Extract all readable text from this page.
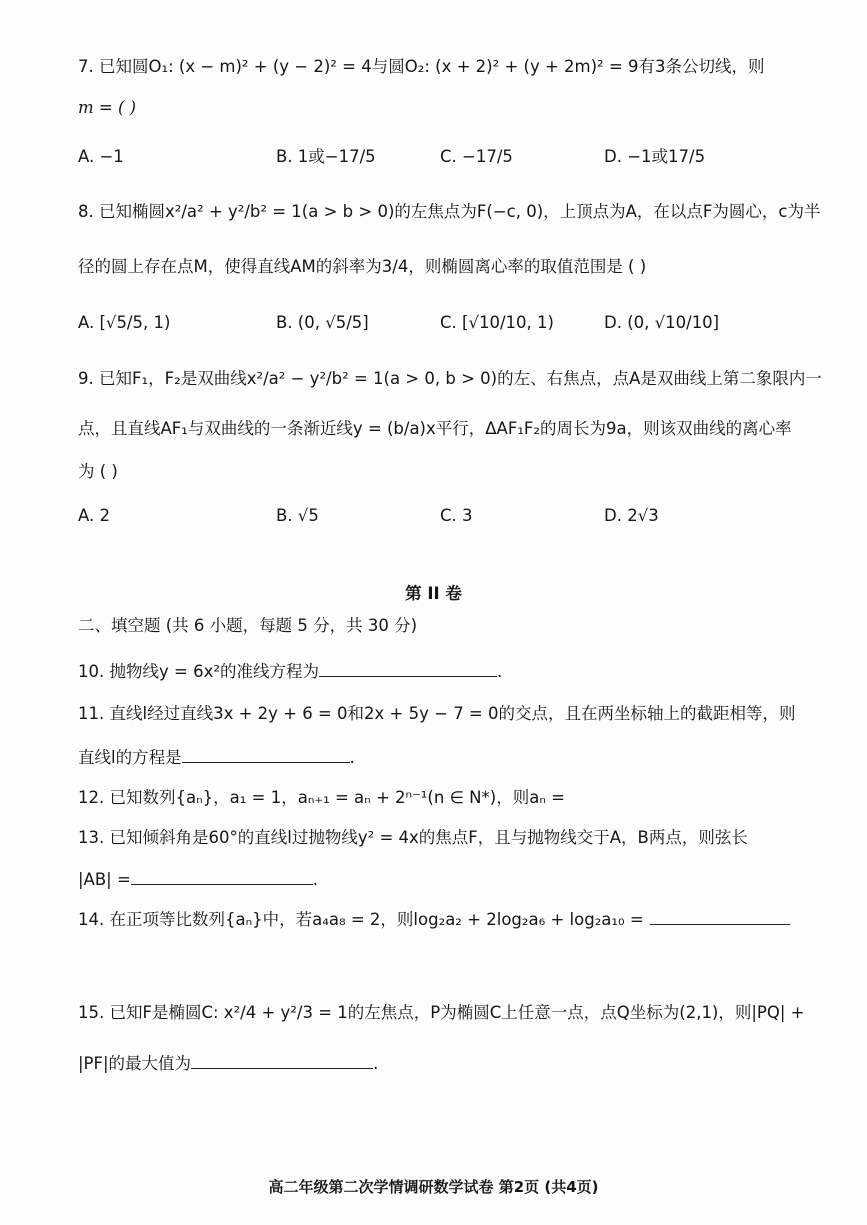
7. 已知圆O₁: (x − m)² + (y − 2)² = 4与圆O₂: (x + 2)² + (y + 2m)² = 9有3条公切线，则
m = ( )
A. −1	B. 1或−17/5	C. −17/5	D. −1或17/5
8. 已知椭圆x²/a² + y²/b² = 1(a > b > 0)的左焦点为F(−c, 0)，上顶点为A，在以点F为圆心，c为半
径的圆上存在点M，使得直线AM的斜率为3/4，则椭圆离心率的取值范围是 ( )
A. [√5/5, 1)	B. (0, √5/5]	C. [√10/10, 1)	D. (0, √10/10]
9. 已知F₁，F₂是双曲线x²/a² − y²/b² = 1(a > 0, b > 0)的左、右焦点，点A是双曲线上第二象限内一
点，且直线AF₁与双曲线的一条渐近线y = (b/a)x平行，ΔAF₁F₂的周长为9a，则该双曲线的离心率
为 ( )
A. 2	B. √5	C. 3	D. 2√3
第 II 卷
二、填空题 (共 6 小题，每题 5 分，共 30 分)
10. 抛物线y = 6x²的准线方程为	.
11. 直线l经过直线3x + 2y + 6 = 0和2x + 5y − 7 = 0的交点，且在两坐标轴上的截距相等，则
直线l的方程是	.
12. 已知数列{aₙ}，a₁ = 1，aₙ₊₁ = aₙ + 2ⁿ⁻¹(n ∈ N*)，则aₙ =
13. 已知倾斜角是60°的直线l过抛物线y² = 4x的焦点F，且与抛物线交于A，B两点，则弦长
|AB| =	.
14. 在正项等比数列{aₙ}中，若a₄a₈ = 2，则log₂a₂ + 2log₂a₆ + log₂a₁₀ =
15. 已知F是椭圆C: x²/4 + y²/3 = 1的左焦点，P为椭圆C上任意一点，点Q坐标为(2,1)，则|PQ| +
|PF|的最大值为	.
高二年级第二次学情调研数学试卷 第2页 (共4页)
